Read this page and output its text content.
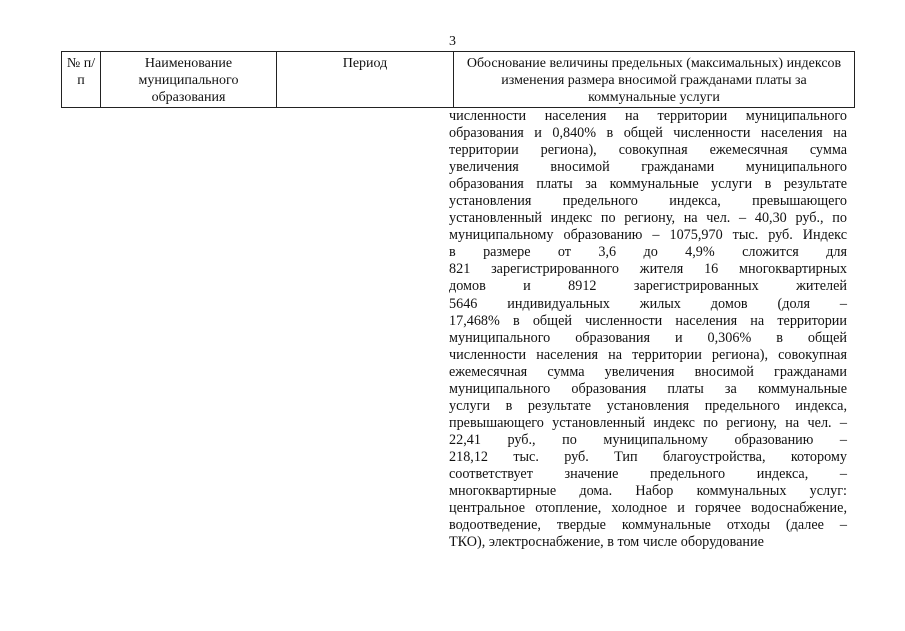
3
№ п/п	Наименование муниципального образования	Период	Обоснование величины предельных (максимальных) индексов изменения размера вносимой гражданами платы за коммунальные услуги
численности населения на территории муниципального
образования и 0,840% в общей численности населения на
территории региона), совокупная ежемесячная сумма
увеличения вносимой гражданами муниципального
образования платы за коммунальные услуги в результате
установления предельного индекса, превышающего
установленный индекс по региону, на чел. – 40,30 руб., по
муниципальному образованию – 1075,970 тыс. руб. Индекс
в размере от 3,6 до 4,9% сложится для
821 зарегистрированного жителя 16 многоквартирных
домов и 8912 зарегистрированных жителей
5646 индивидуальных жилых домов (доля –
17,468% в общей численности населения на территории
муниципального образования и 0,306% в общей
численности населения на территории региона), совокупная
ежемесячная сумма увеличения вносимой гражданами
муниципального образования платы за коммунальные
услуги в результате установления предельного индекса,
превышающего установленный индекс по региону, на чел. –
22,41 руб., по муниципальному образованию –
218,12 тыс. руб. Тип благоустройства, которому
соответствует значение предельного индекса, –
многоквартирные дома. Набор коммунальных услуг:
центральное отопление, холодное и горячее водоснабжение,
водоотведение, твердые коммунальные отходы (далее –
ТКО), электроснабжение, в том числе оборудование
